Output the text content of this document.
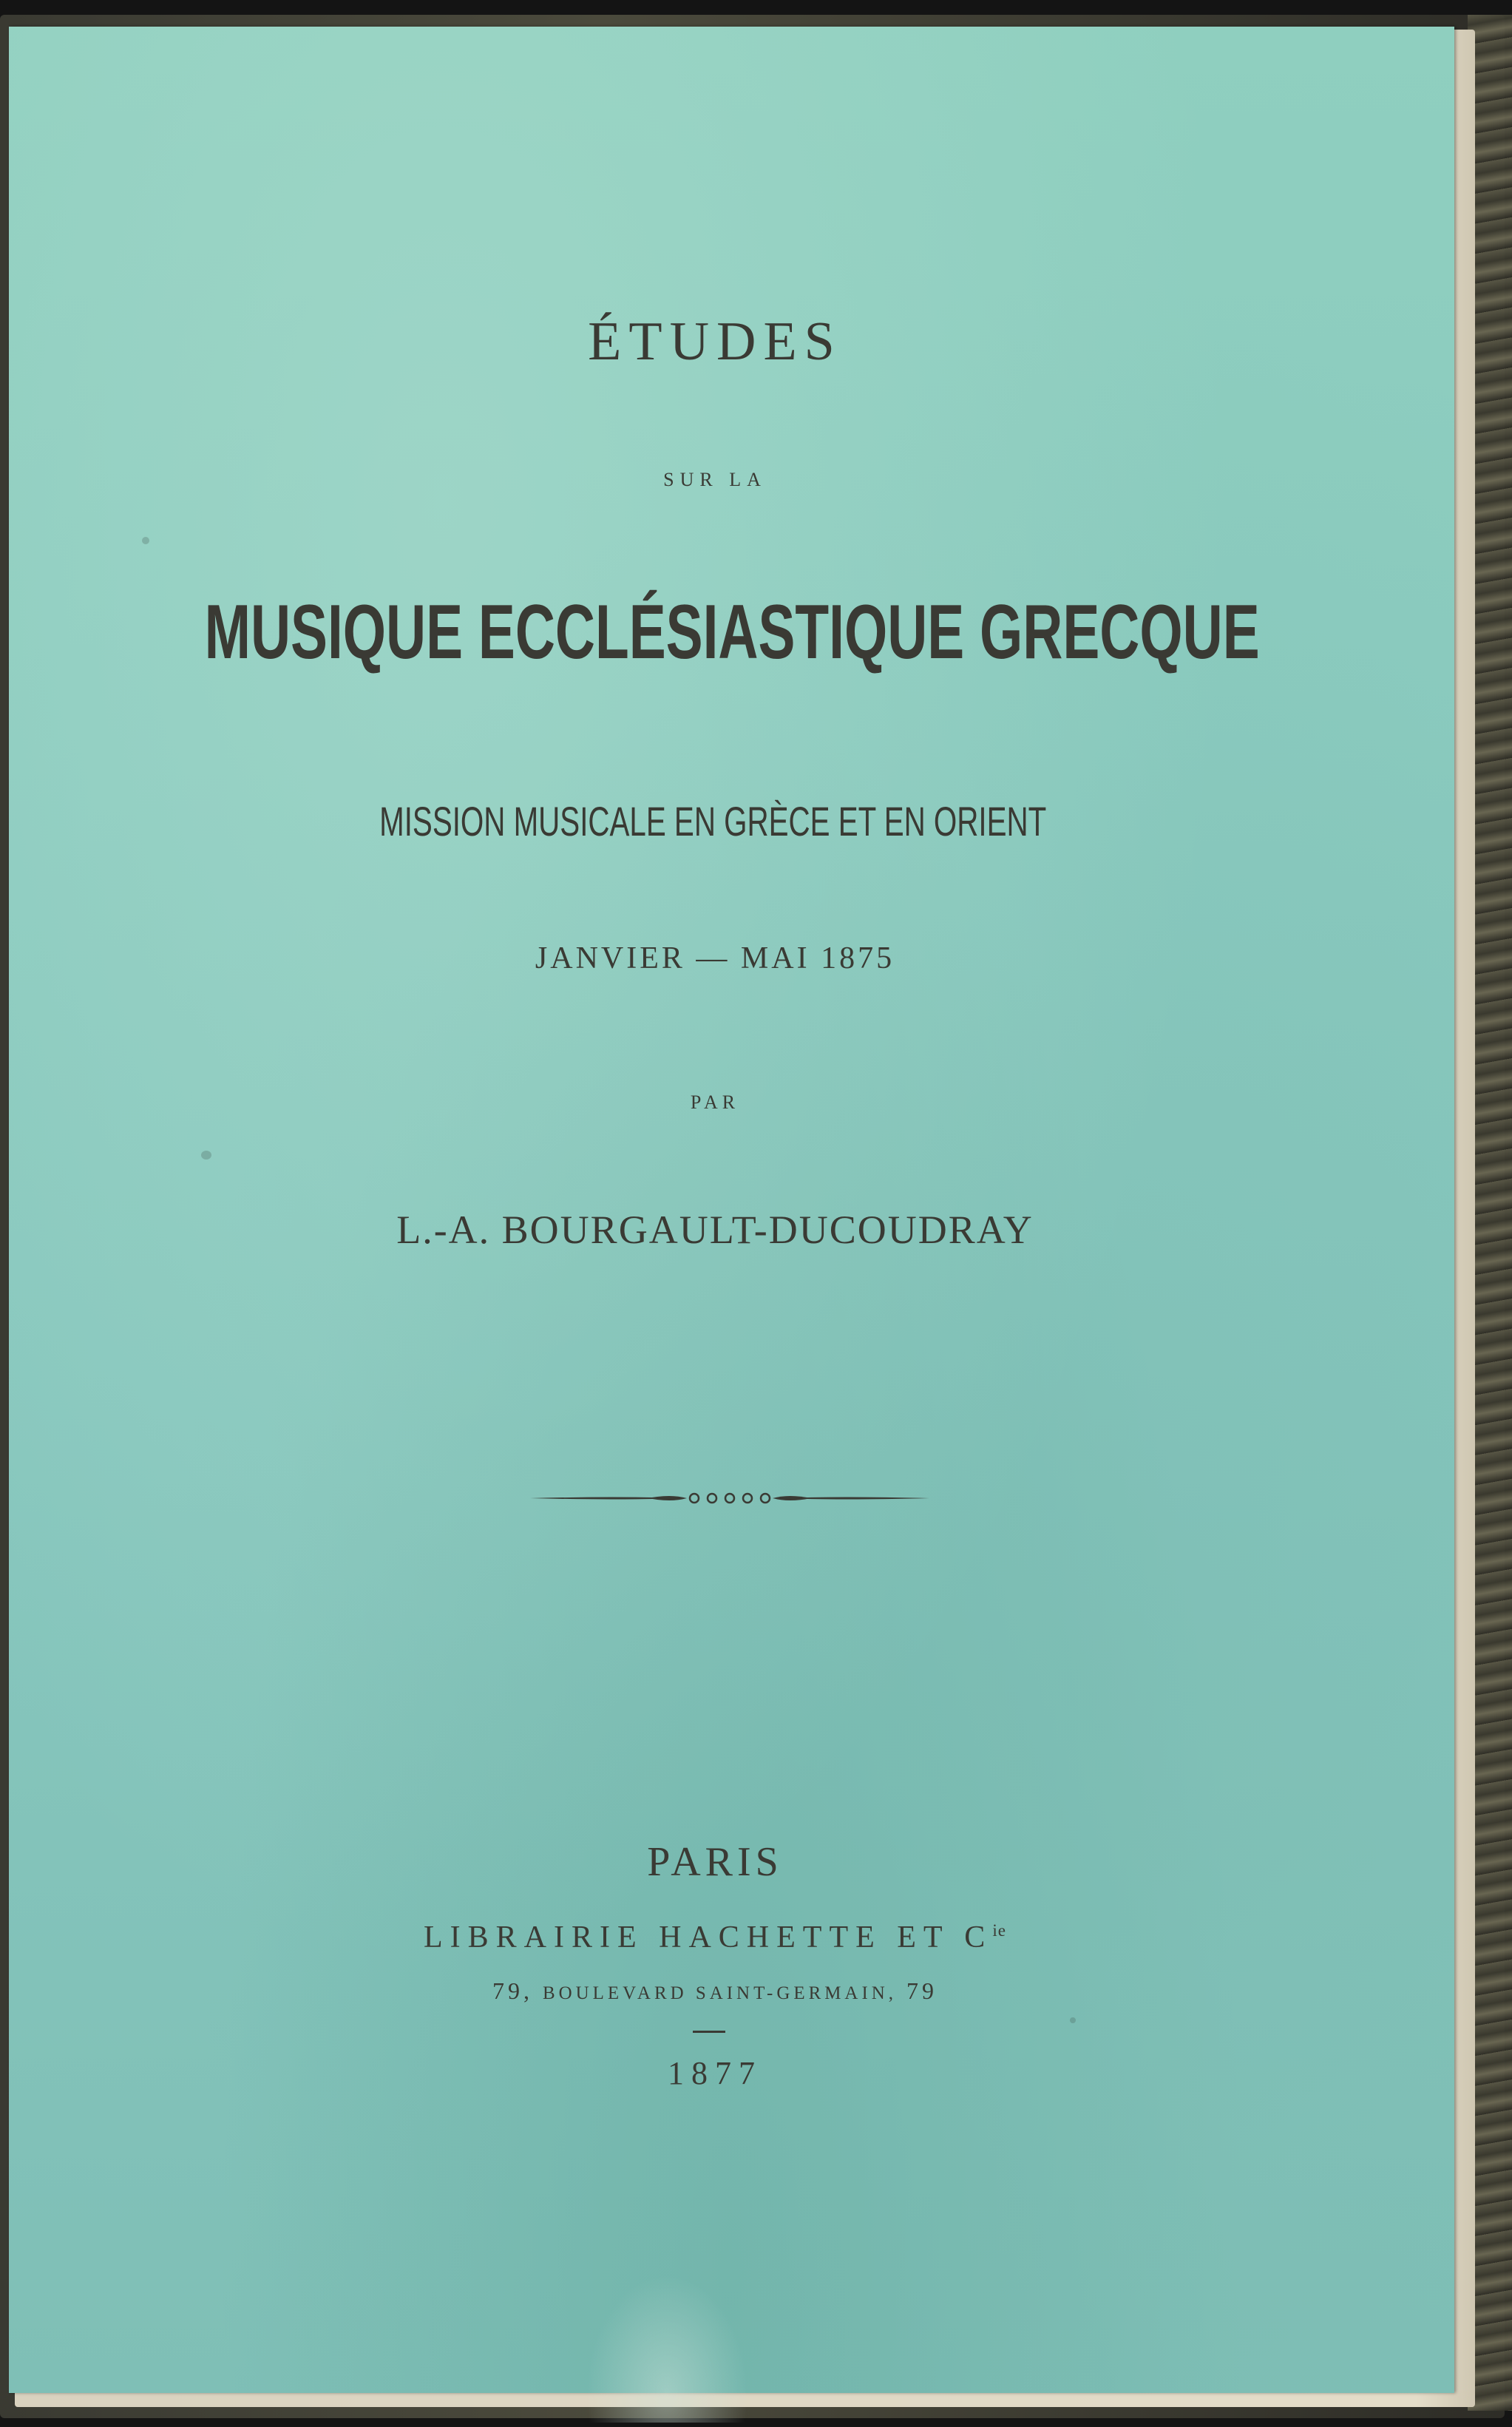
ÉTUDES
SUR LA
MUSIQUE ECCLÉSIASTIQUE GRECQUE
MISSION MUSICALE EN GRÈCE ET EN ORIENT
JANVIER — MAI 1875
PAR
L.-A. BOURGAULT-DUCOUDRAY
PARIS
LIBRAIRIE HACHETTE ET $C^{ie}$
79, BOULEVARD SAINT-GERMAIN, 79
1877
